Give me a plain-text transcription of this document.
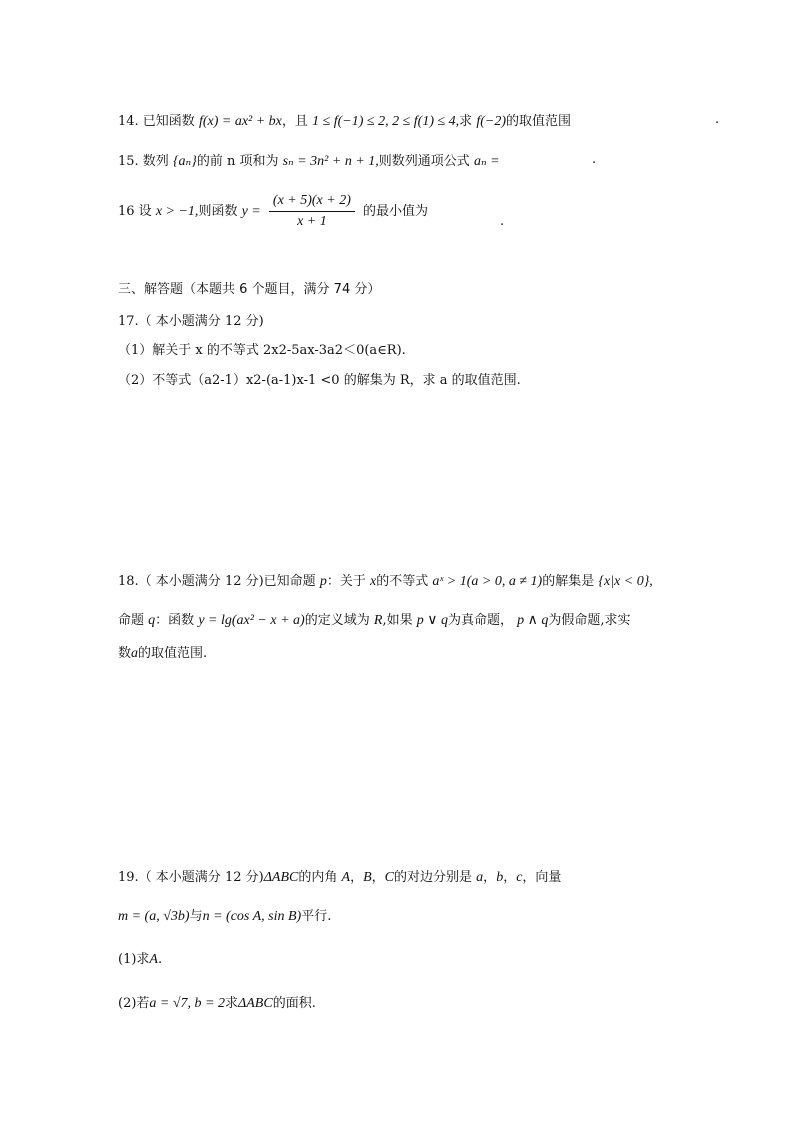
14. 已知函数 f(x) = ax² + bx，且 1 ≤ f(−1) ≤ 2, 2 ≤ f(1) ≤ 4,求 f(−2)的取值范围	.
15. 数列 {aₙ}的前 n 项和为 sₙ = 3n² + n + 1,则数列通项公式 aₙ =	.
16 设 x > −1,则函数 $y = \frac{(x + 5)(x + 2)}{x + 1}$ 的最小值为
.
三、解答题（本题共 6 个题目，满分 74 分）
17.（ 本小题满分 12 分)
（1）解关于 x 的不等式 2x2-5ax-3a2＜0(a∈R).
（2）不等式（a2-1）x2-(a-1)x-1 <0 的解集为 R，求 a 的取值范围.
18.（ 本小题满分 12 分)已知命题 p：关于 x的不等式 aˣ > 1(a > 0, a ≠ 1)的解集是 {x|x < 0},
命题 q：函数 y = lg(ax² − x + a)的定义域为 R,如果 p ∨ q为真命题， p ∧ q为假命题,求实
数a的取值范围.
19.（ 本小题满分 12 分)ΔABC的内角 A，B，C的对边分别是 a，b，c，向量
m = (a, √3b)与n = (cos A, sin B)平行.
(1)求A.
(2)若a = √7, b = 2求ΔABC的面积.
